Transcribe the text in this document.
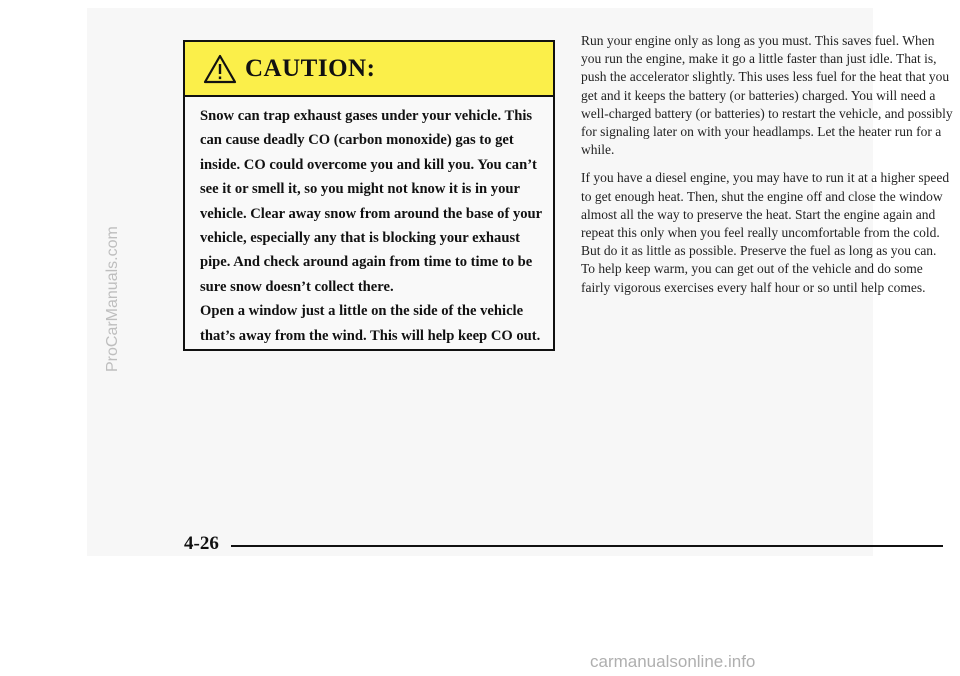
CAUTION:

Snow can trap exhaust gases under your vehicle. This can cause deadly CO (carbon monoxide) gas to get inside. CO could overcome you and kill you. You can’t see it or smell it, so you might not know it is in your vehicle. Clear away snow from around the base of your vehicle, especially any that is blocking your exhaust pipe. And check around again from time to time to be sure snow doesn’t collect there.

Open a window just a little on the side of the vehicle that’s away from the wind. This will help keep CO out.

Run your engine only as long as you must. This saves fuel. When you run the engine, make it go a little faster than just idle. That is, push the accelerator slightly. This uses less fuel for the heat that you get and it keeps the battery (or batteries) charged. You will need a well-charged battery (or batteries) to restart the vehicle, and possibly for signaling later on with your headlamps. Let the heater run for a while.

If you have a diesel engine, you may have to run it at a higher speed to get enough heat. Then, shut the engine off and close the window almost all the way to preserve the heat. Start the engine again and repeat this only when you feel really uncomfortable from the cold. But do it as little as possible. Preserve the fuel as long as you can. To help keep warm, you can get out of the vehicle and do some fairly vigorous exercises every half hour or so until help comes.

4-26
ProCarManuals.com
carmanualsonline.info
